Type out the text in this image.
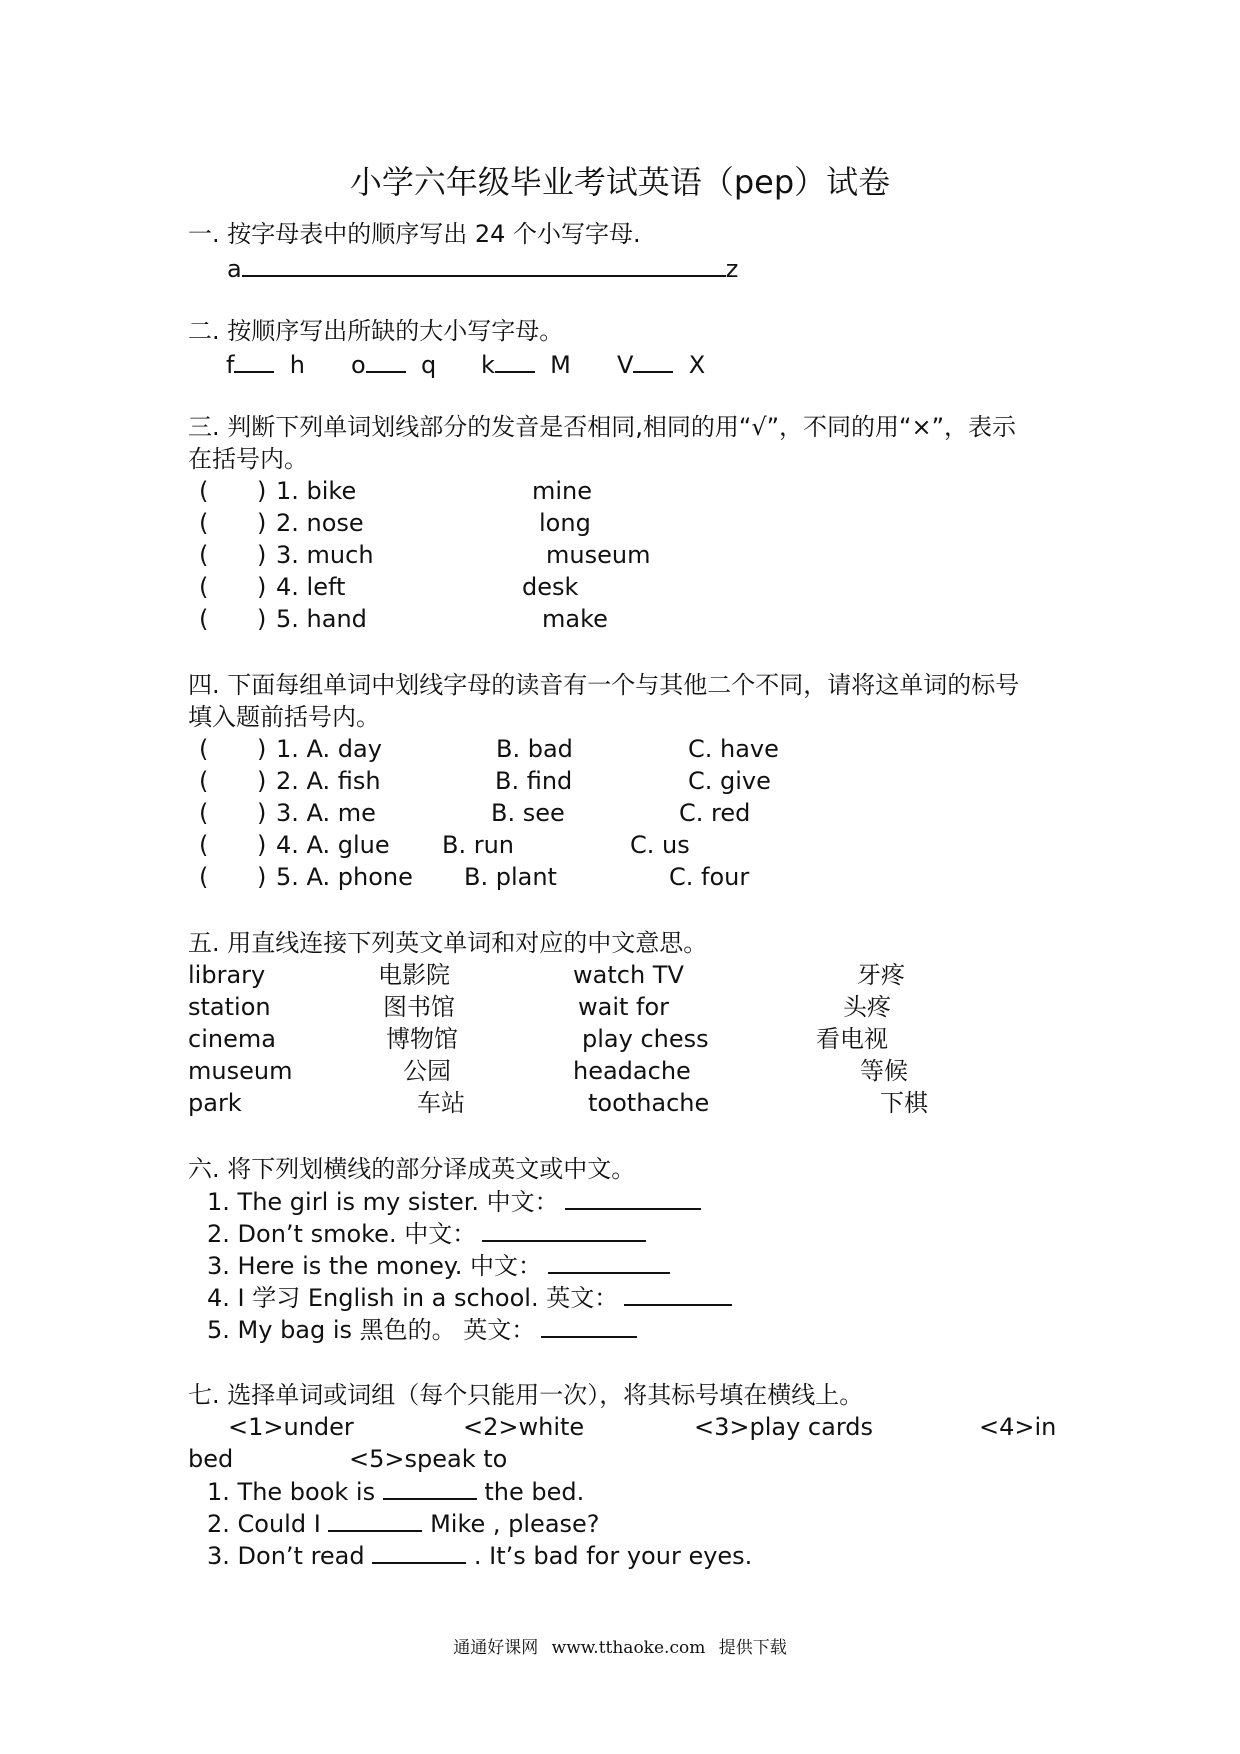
小学六年级毕业考试英语（pep）试卷
一. 按字母表中的顺序写出 24 个小写字母.
a	z
二. 按顺序写出所缺的大小写字母。
f h o q k M V X
三. 判断下列单词划线部分的发音是否相同,相同的用“√”，不同的用“×”，表示
在括号内。
( ) 1. bike	mine
( ) 2. nose	long
( ) 3. much	museum
( ) 4. left	desk
( ) 5. hand	make
四. 下面每组单词中划线字母的读音有一个与其他二个不同，请将这单词的标号
填入题前括号内。
( ) 1. A. day	B. bad	C. have
( ) 2. A. fish	B. find	C. give
( ) 3. A. me	B. see	C. red
( ) 4. A. glue B. run	C. us
( ) 5. A. phone B. plant	C. four
五. 用直线连接下列英文单词和对应的中文意思。
library	电影院	watch TV	牙疼
station	图书馆	wait for	头疼
cinema	博物馆	play chess	看电视
museum	公园	headache	等候
park	车站	toothache	下棋
六. 将下列划横线的部分译成英文或中文。
1. The girl is my sister. 中文：
2. Don’t smoke. 中文：
3. Here is the money. 中文：
4. I 学习 English in a school. 英文：
5. My bag is 黑色的。 英文：
七. 选择单词或词组（每个只能用一次），将其标号填在横线上。
<1>under	<2>white	<3>play cards	<4>in
bed	<5>speak to
1. The book is	the bed.
2. Could I	Mike , please?
3. Don’t read	. It’s bad for your eyes.
通通好课网 www.tthaoke.com 提供下载
